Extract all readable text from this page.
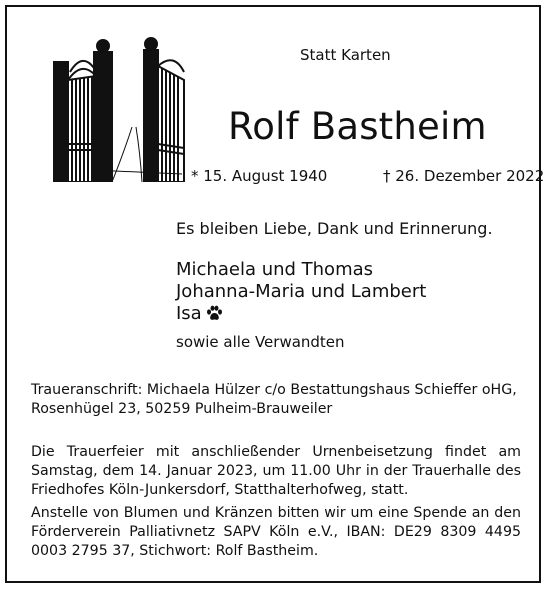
Statt Karten
Rolf Bastheim
* 15. August 1940	† 26. Dezember 2022
Es bleiben Liebe, Dank und Erinnerung.
Michaela und Thomas
Johanna-Maria und Lambert
Isa
sowie alle Verwandten
Traueranschrift: Michaela Hülzer c/o Bestattungshaus Schieffer oHG, Rosenhügel 23, 50259 Pulheim-Brauweiler
Die Trauerfeier mit anschließender Urnenbeisetzung findet am Samstag, dem 14. Januar 2023, um 11.00 Uhr in der Trauerhalle des Friedhofes Köln-Junkersdorf, Statthalterhofweg, statt.
Anstelle von Blumen und Kränzen bitten wir um eine Spende an den Förderverein Palliativnetz SAPV Köln e.V., IBAN: DE29 8309 4495 0003 2795 37, Stichwort: Rolf Bastheim.
